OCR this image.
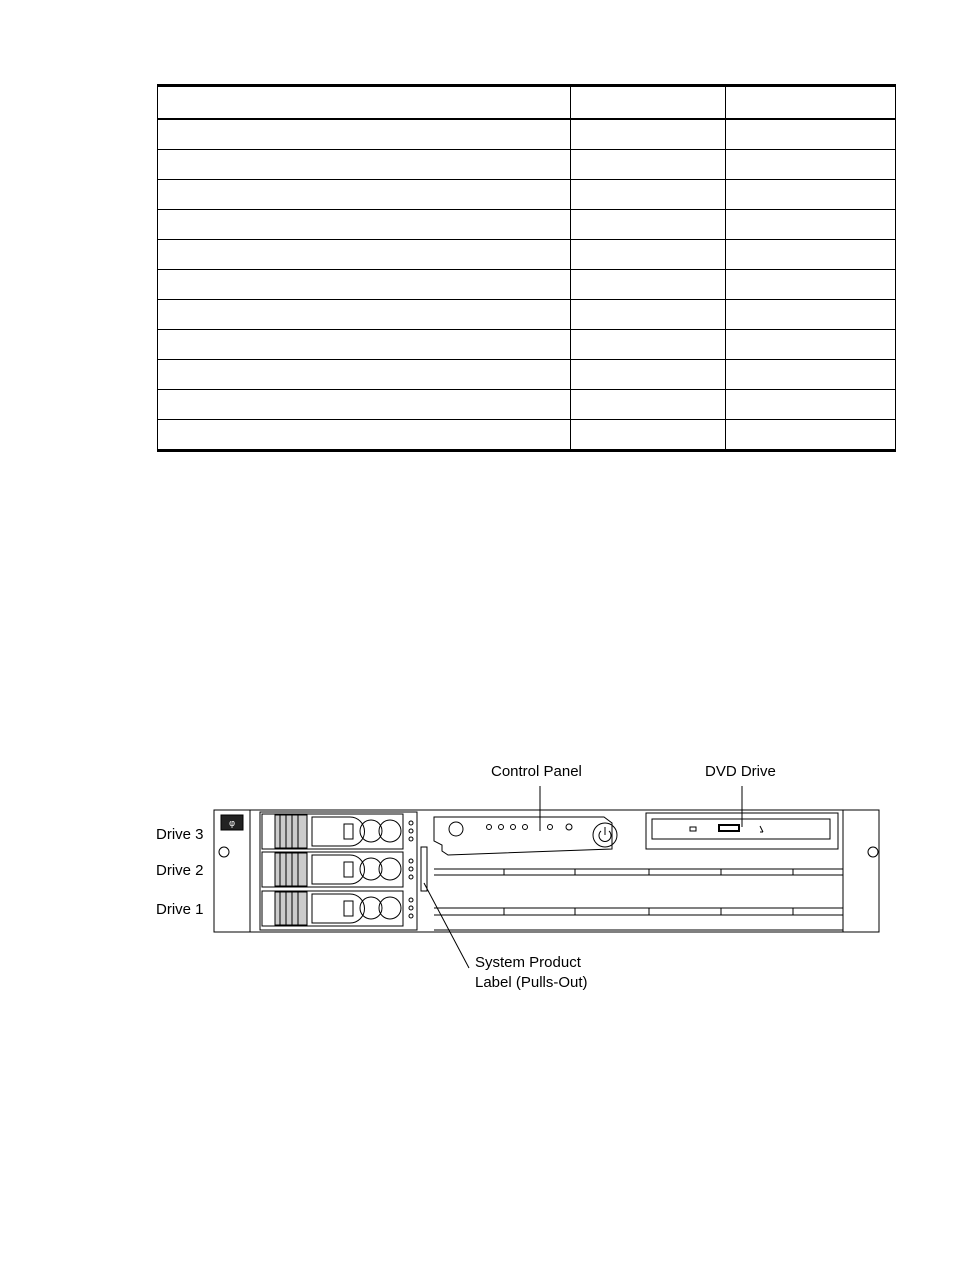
φ
Control Panel	DVD Drive
Drive 3
Drive 2
Drive 1
System Product
Label (Pulls-Out)
